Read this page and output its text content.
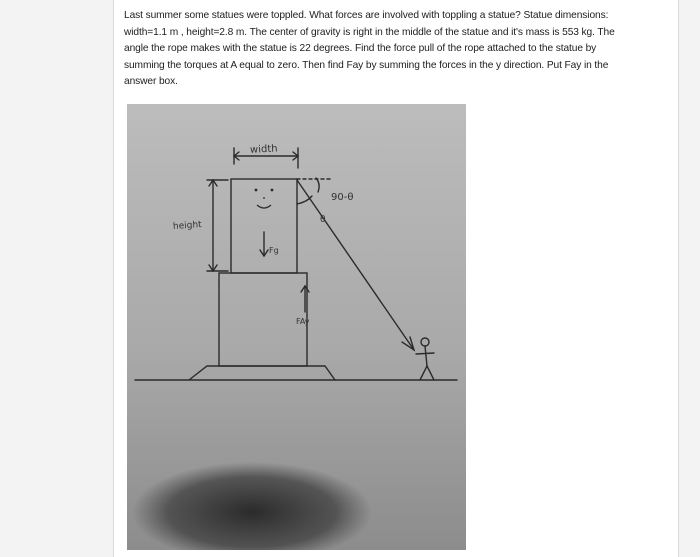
Last summer some statues were toppled. What forces are involved with toppling a statue? Statue dimensions: width=1.1 m , height=2.8 m. The center of gravity is right in the middle of the statue and it's mass is 553 kg. The angle the rope makes with the statue is 22 degrees. Find the force pull of the rope attached to the statue by summing the torques at A equal to zero. Then find Fay by summing the forces in the y direction. Put Fay in the answer box.
width
height
90-θ
θ
Fg
FAy
